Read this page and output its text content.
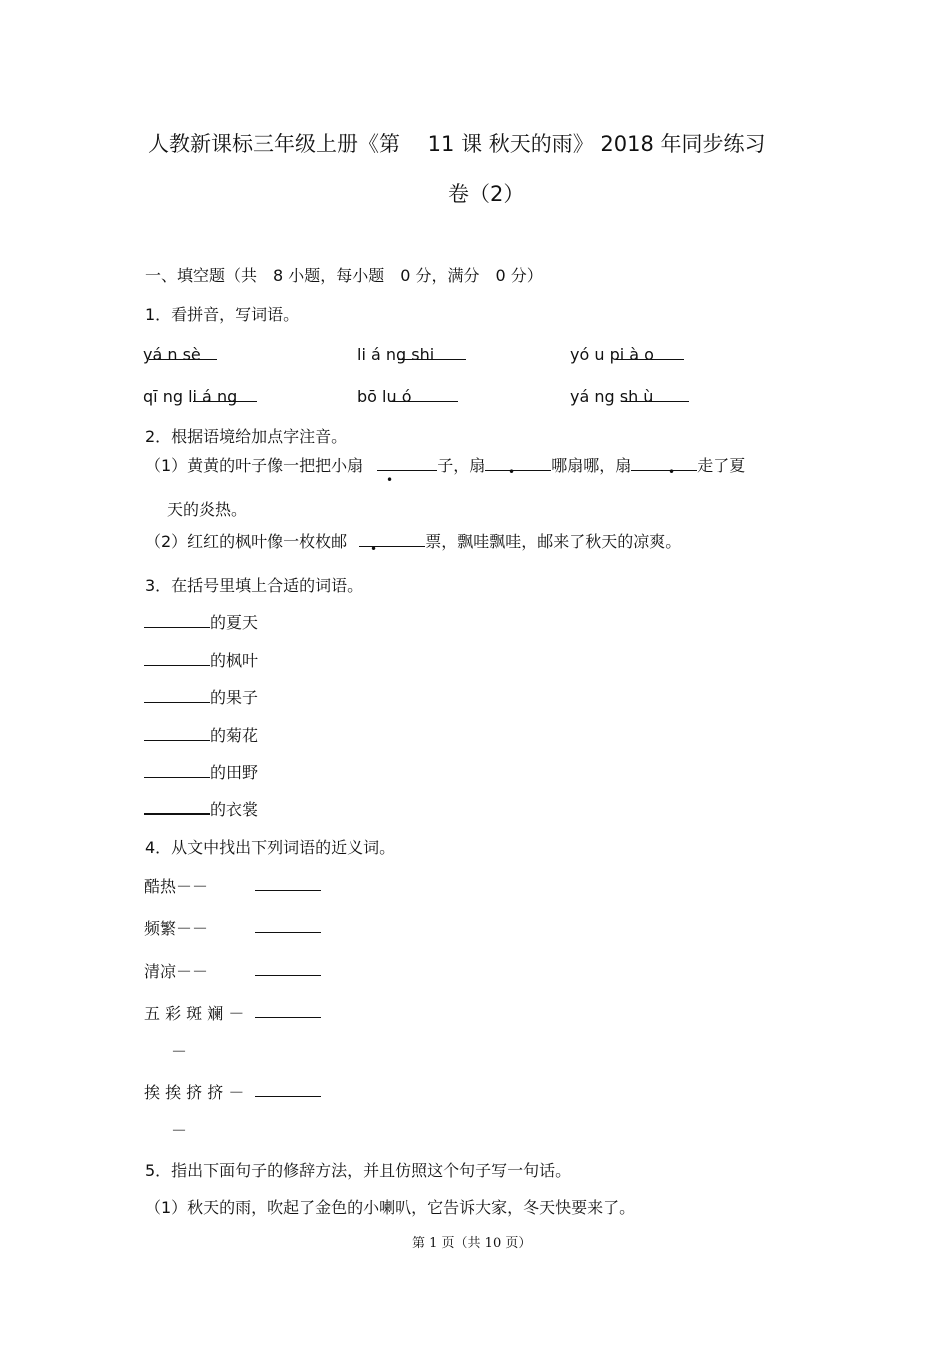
人教新课标三年级上册《第　 11 课 秋天的雨》 2018 年同步练习
卷（2）
一、填空题（共　8 小题，每小题　0 分，满分　0 分）
1．看拼音，写词语。
yá n sè	li á ng shi	yó u pi à o
qī ng li á ng	bō lu ó	yá ng sh ù
2．根据语境给加点字注音。
（1）黄黄的叶子像一把把小扇	子，扇	哪扇哪，扇	走了夏
•
•	•
天的炎热。
（2）红红的枫叶像一枚枚邮	票，飘哇飘哇，邮来了秋天的凉爽。
•
3．在括号里填上合适的词语。
的夏天
的枫叶
的果子
的菊花
的田野
的衣裳
4．从文中找出下列词语的近义词。
酷热－－
频繁－－
清凉－－
五 彩 斑 斓 －
－
挨 挨 挤 挤 －
－
5．指出下面句子的修辞方法，并且仿照这个句子写一句话。
（1）秋天的雨，吹起了金色的小喇叭，它告诉大家，冬天快要来了。
第 1 页（共 10 页）
